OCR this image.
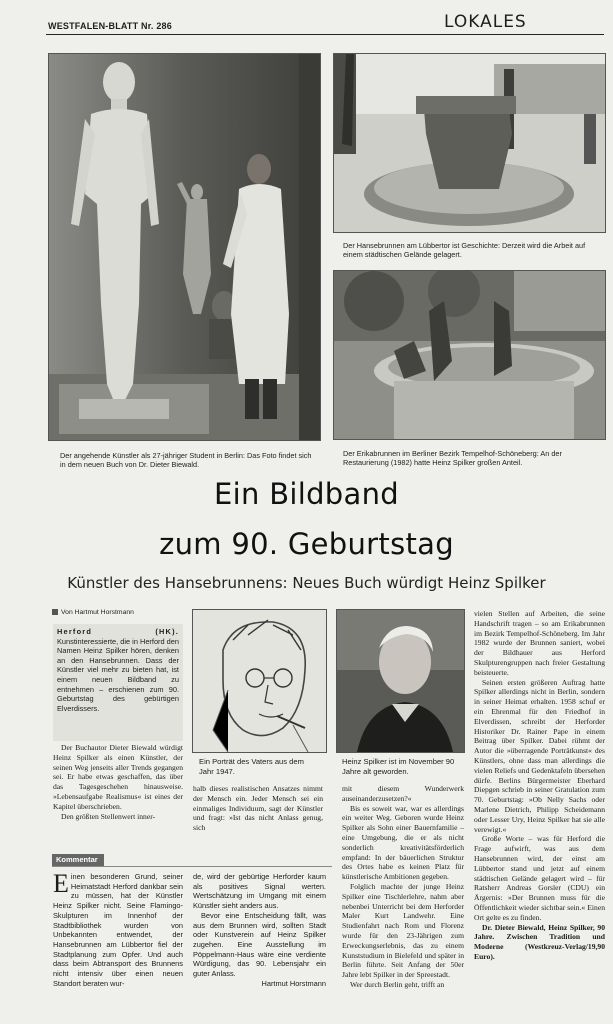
WESTFALEN-BLATT Nr. 286	LOKALES
Der angehende Künstler als 27-jähriger Student in Berlin: Das Foto findet sich in dem neuen Buch von Dr. Dieter Biewald.
Der Hansebrunnen am Lübbertor ist Geschichte: Derzeit wird die Arbeit auf einem städtischen Gelände gelagert.
Der Erikabrunnen im Berliner Bezirk Tempelhof-Schöneberg: An der Restaurierung (1982) hatte Heinz Spilker großen Anteil.
Ein Bildband
zum 90. Geburtstag
Künstler des Hansebrunnens: Neues Buch würdigt Heinz Spilker
Von Hartmut Horstmann

Herford (HK). Kunstinteressierte, die in Herford den Namen Heinz Spilker hören, denken an den Hansebrunnen. Dass der Künstler viel mehr zu bieten hat, ist einem neuen Bildband zu entnehmen – erschienen zum 90. Geburtstag des gebürtigen Elverdissers.

Der Buchautor Dieter Biewald würdigt Heinz Spilker als einen Künstler, der seinen Weg jenseits aller Trends gegangen sei. Er habe etwas geschaffen, das über das Tagesgeschehen hinausweise. »Lebensaufgabe Realismus« ist eines der Kapitel überschrieben.

Den größten Stellenwert inner-

Ein Porträt des Vaters aus dem Jahr 1947.

halb dieses realistischen Ansatzes nimmt der Mensch ein. Jeder Mensch sei ein einmaliges Individuum, sagt der Künstler und fragt: »Ist das nicht Anlass genug, sich

Heinz Spilker ist im November 90 Jahre alt geworden.

mit diesem Wunderwerk auseinanderzusetzen?«

Bis es soweit war, war es allerdings ein weiter Weg. Geboren wurde Heinz Spilker als Sohn einer Bauernfamilie – eine Umgebung, die er als nicht sonderlich kreativitätsförderlich empfand: In der bäuerlichen Struktur des Ortes habe es keinen Platz für künstlerische Ambitionen gegeben.

Folglich machte der junge Heinz Spilker eine Tischlerlehre, nahm aber nebenbei Unterricht bei dem Herforder Maler Kurt Landwehr. Eine Studienfahrt nach Rom und Florenz wurde für den 23-Jährigen zum Erweckungserlebnis, das zu einem Kunststudium in Bielefeld und später in Berlin führte. Seit Anfang der 50er Jahre lebt Spilker in der Spreestadt.

Wer durch Berlin geht, trifft an

vielen Stellen auf Arbeiten, die seine Handschrift tragen – so am Erikabrunnen im Bezirk Tempelhof-Schöneberg. Im Jahr 1982 wurde der Brunnen saniert, wobei der Bildhauer aus Herford Skulpturengruppen nach freier Gestaltung beisteuerte.

Seinen ersten größeren Auftrag hatte Spilker allerdings nicht in Berlin, sondern in seiner Heimat erhalten. 1958 schuf er ein Ehrenmal für den Friedhof in Elverdissen, schreibt der Herforder Historiker Dr. Rainer Pape in einem Beitrag über Spilker. Dabei rühmt der Autor die »überragende Porträtkunst« des Künstlers, ohne dass man allerdings die vielen Reliefs und Gedenktafeln übersehen dürfe. Berlins Bürgermeister Eberhard Diepgen schrieb in seiner Gratulation zum 70. Geburtstag: »Ob Nelly Sachs oder Marlene Dietrich, Philipp Scheidemann oder Lesser Ury, Heinz Spilker hat sie alle verewigt.«

Große Worte – was für Herford die Frage aufwirft, was aus dem Hansebrunnen wird, der einst am Lübbertor stand und jetzt auf einem städtischen Gelände gelagert wird – für Ratsherr Andreas Gorsler (CDU) ein Ärgernis: »Der Brunnen muss für die Öffentlichkeit wieder sichtbar sein.« Einen Ort gelte es zu finden.

Dr. Dieter Biewald, Heinz Spilker, 90 Jahre. Zwischen Tradition und Moderne (Westkreuz-Verlag/19,90 Euro).

Kommentar

Einen besonderen Grund, seiner Heimatstadt Herford dankbar sein zu müssen, hat der Künstler Heinz Spilker nicht. Seine Flamingo-Skulpturen im Innenhof der Stadtbibliothek wurden von Unbekannten entwendet, der Hansebrunnen am Lübbertor fiel der Stadtplanung zum Opfer. Und auch dass beim Abtransport des Brunnens nicht intensiv über einen neuen Standort beraten wur-

de, wird der gebürtige Herforder kaum als positives Signal werten. Wertschätzung im Umgang mit einem Künstler sieht anders aus.

Bevor eine Entscheidung fällt, was aus dem Brunnen wird, sollten Stadt oder Kunstverein auf Heinz Spilker zugehen. Eine Ausstellung im Pöppelmann-Haus wäre eine verdiente Würdigung, das 90. Lebensjahr ein guter Anlass.

Hartmut Horstmann
